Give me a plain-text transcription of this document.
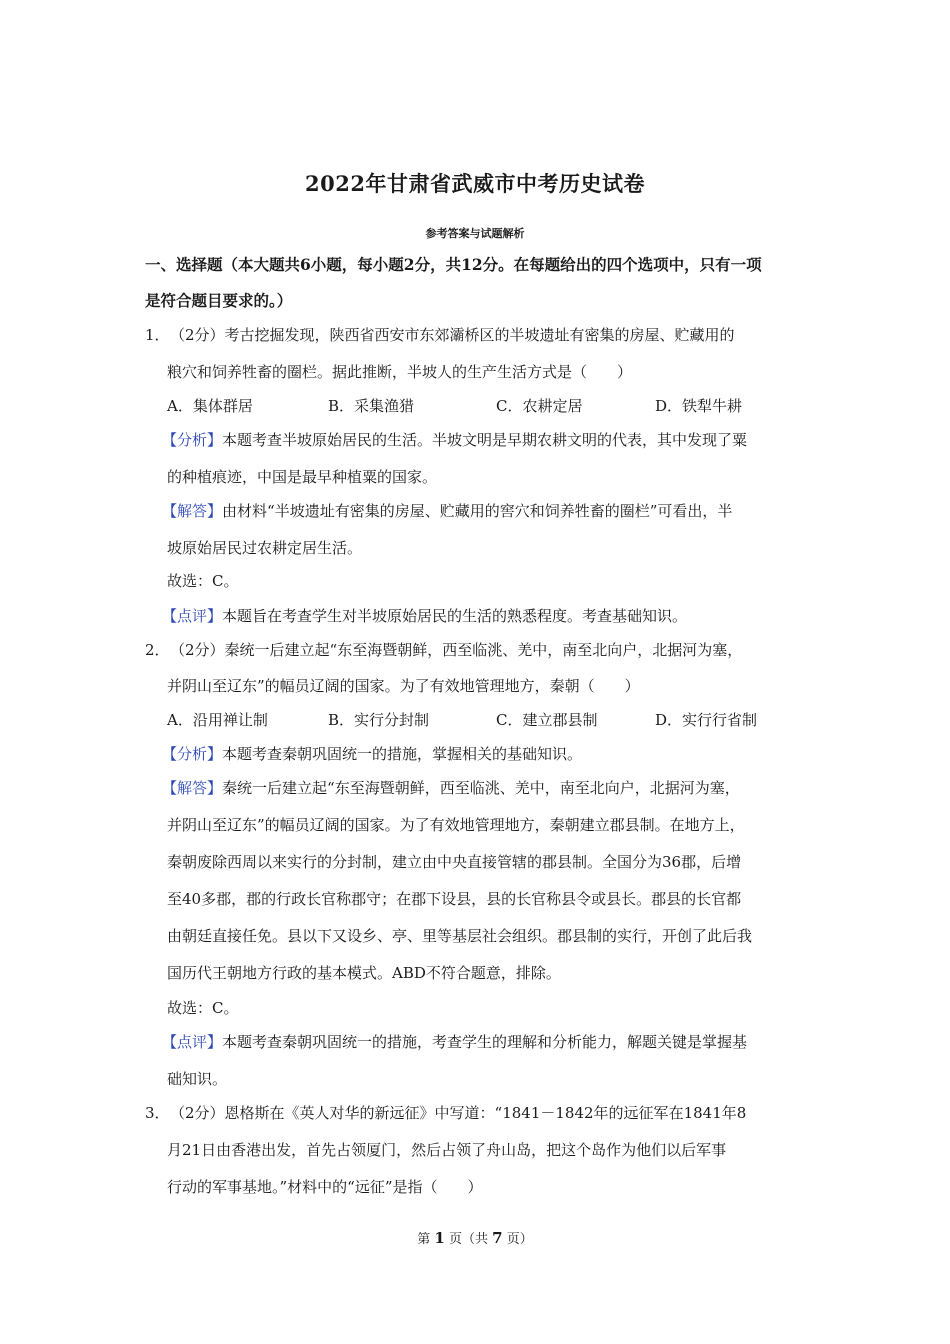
2022年甘肃省武威市中考历史试卷
参考答案与试题解析
一、选择题（本大题共6小题，每小题2分，共12分。在每题给出的四个选项中，只有一项
是符合题目要求的。）
1． （2分）考古挖掘发现，陕西省西安市东郊灞桥区的半坡遗址有密集的房屋、贮藏用的
粮穴和饲养牲畜的圈栏。据此推断，半坡人的生产生活方式是（　　）
A．集体群居	B．采集渔猎	C．农耕定居	D．铁犁牛耕
【分析】本题考查半坡原始居民的生活。半坡文明是早期农耕文明的代表，其中发现了粟
的种植痕迹，中国是最早种植粟的国家。
【解答】由材料“半坡遗址有密集的房屋、贮藏用的窖穴和饲养牲畜的圈栏”可看出，半
坡原始居民过农耕定居生活。
故选：C。
【点评】本题旨在考查学生对半坡原始居民的生活的熟悉程度。考查基础知识。
2． （2分）秦统一后建立起“东至海暨朝鲜，西至临洮、羌中，南至北向户，北据河为塞，
并阴山至辽东”的幅员辽阔的国家。为了有效地管理地方，秦朝（　　）
A．沿用禅让制	B．实行分封制	C．建立郡县制	D．实行行省制
【分析】本题考查秦朝巩固统一的措施，掌握相关的基础知识。
【解答】秦统一后建立起“东至海暨朝鲜，西至临洮、羌中，南至北向户，北据河为塞，
并阴山至辽东”的幅员辽阔的国家。为了有效地管理地方，秦朝建立郡县制。在地方上，
秦朝废除西周以来实行的分封制，建立由中央直接管辖的郡县制。全国分为36郡，后增
至40多郡，郡的行政长官称郡守；在郡下设县，县的长官称县令或县长。郡县的长官都
由朝廷直接任免。县以下又设乡、亭、里等基层社会组织。郡县制的实行，开创了此后我
国历代王朝地方行政的基本模式。ABD不符合题意，排除。
故选：C。
【点评】本题考查秦朝巩固统一的措施，考查学生的理解和分析能力，解题关键是掌握基
础知识。
3． （2分）恩格斯在《英人对华的新远征》中写道：“1841－1842年的远征军在1841年8
月21日由香港出发，首先占领厦门，然后占领了舟山岛，把这个岛作为他们以后军事
行动的军事基地。”材料中的“远征”是指（　　）
第 1 页（共 7 页）
